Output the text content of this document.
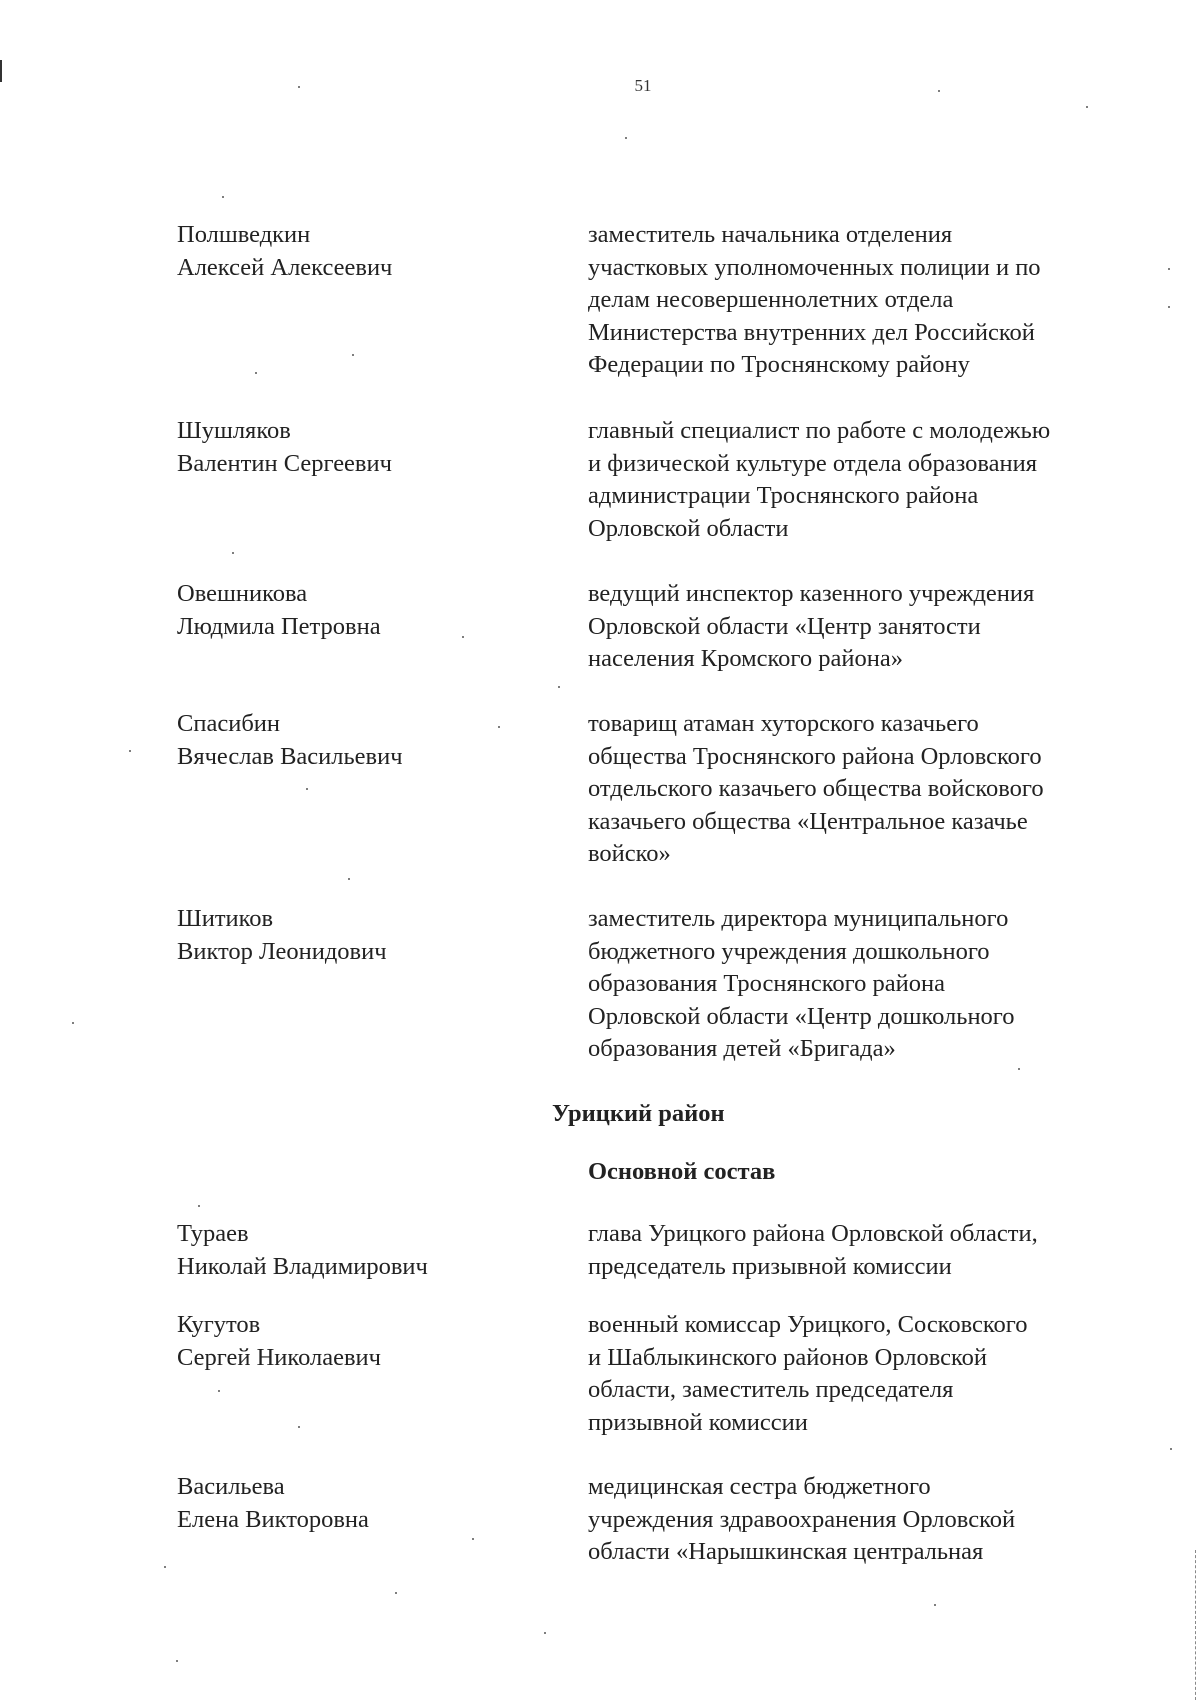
51
Полшведкин
Алексей Алексеевич
заместитель начальника отделения
участковых уполномоченных полиции и по
делам несовершеннолетних отдела
Министерства внутренних дел Российской
Федерации по Троснянскому району
Шушляков
Валентин Сергеевич
главный специалист по работе с молодежью
и физической культуре отдела образования
администрации Троснянского района
Орловской области
Овешникова
Людмила Петровна
ведущий инспектор казенного учреждения
Орловской области «Центр занятости
населения Кромского района»
Спасибин
Вячеслав Васильевич
товарищ атаман хуторского казачьего
общества Троснянского района Орловского
отдельского казачьего общества войскового
казачьего общества «Центральное казачье
войско»
Шитиков
Виктор Леонидович
заместитель директора муниципального
бюджетного учреждения дошкольного
образования Троснянского района
Орловской области «Центр дошкольного
образования детей «Бригада»
Урицкий район
Основной состав
Тураев
Николай Владимирович
глава Урицкого района Орловской области,
председатель призывной комиссии
Кугутов
Сергей Николаевич
военный комиссар Урицкого, Сосковского
и Шаблыкинского районов Орловской
области, заместитель председателя
призывной комиссии
Васильева
Елена Викторовна
медицинская сестра бюджетного
учреждения здравоохранения Орловской
области «Нарышкинская центральная
